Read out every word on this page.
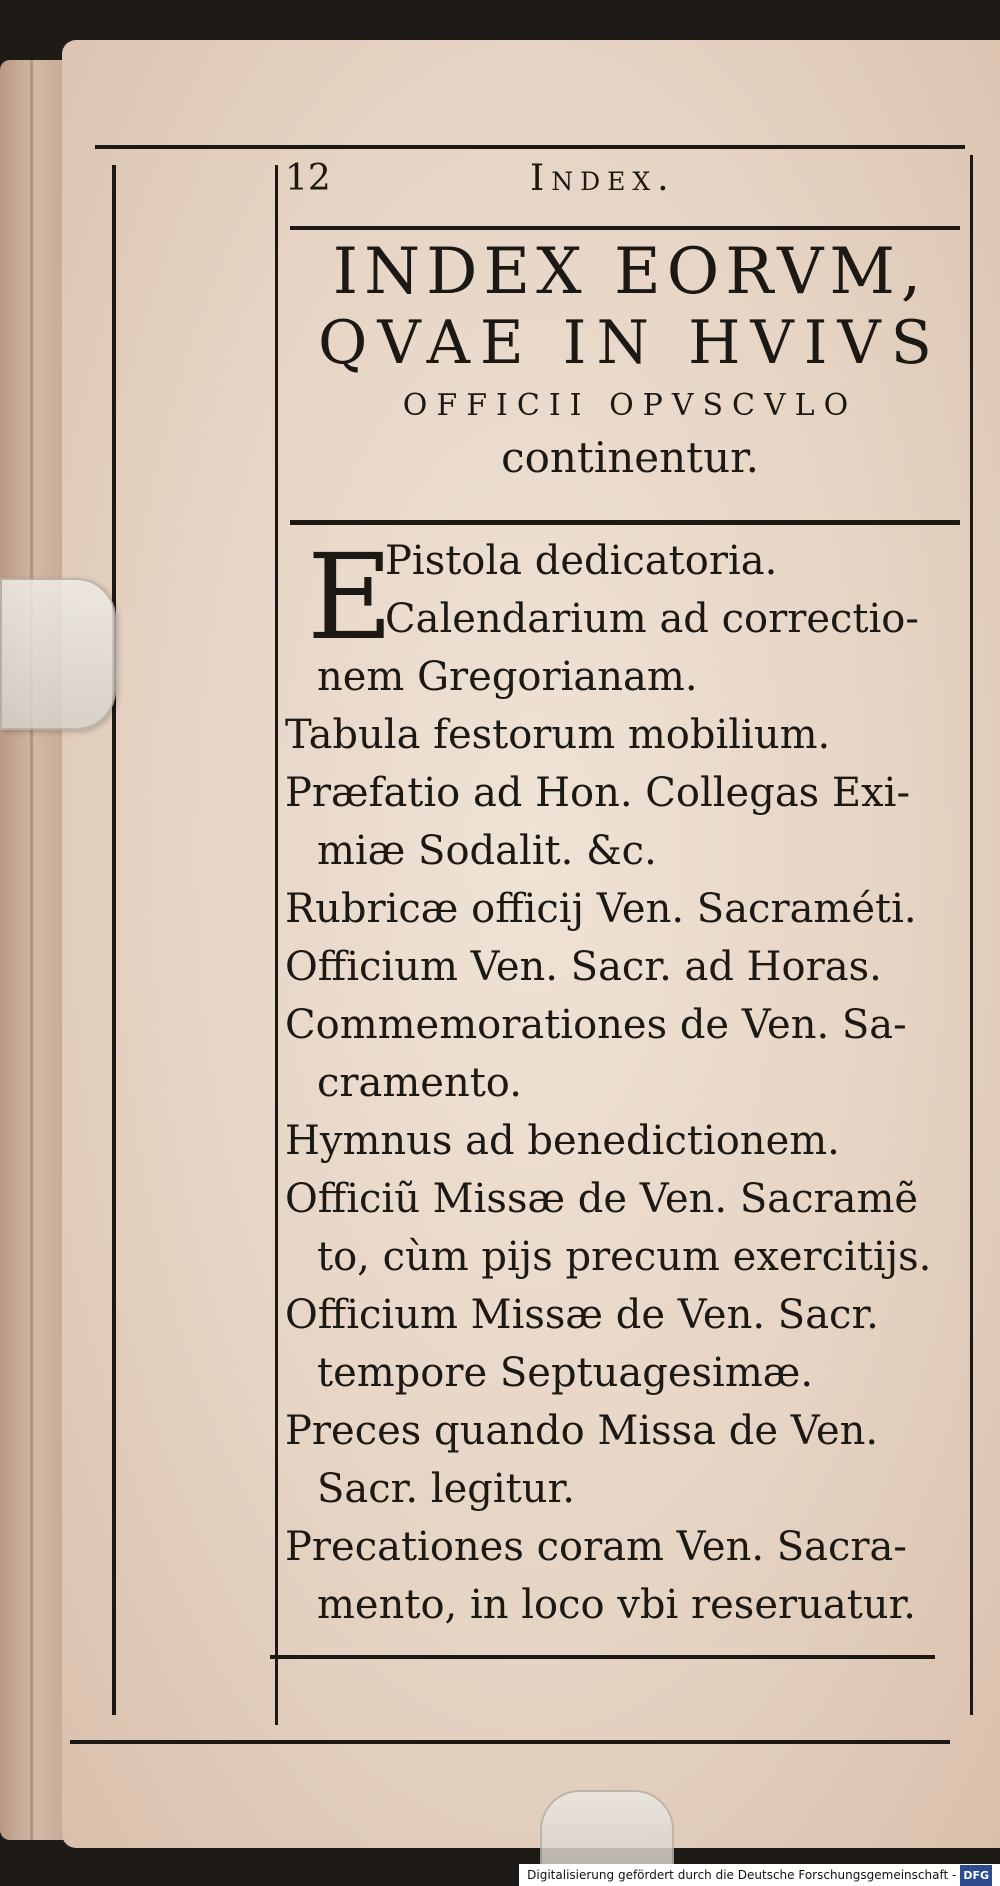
12	Index.
INDEX EORVM,
QVAE IN HVIVS
OFFICII OPVSCVLO
continentur.
E
Pistola dedicatoria.
Calendarium ad correctio-
nem Gregorianam.
Tabula festorum mobilium.
Præfatio ad Hon. Collegas Exi-
miæ Sodalit. &c.
Rubricæ officij Ven. Sacraméti.
Officium Ven. Sacr. ad Horas.
Commemorationes de Ven. Sa-
cramento.
Hymnus ad benedictionem.
Officiũ Missæ de Ven. Sacramẽ
to, cùm pijs precum exercitijs.
Officium Missæ de Ven. Sacr.
tempore Septuagesimæ.
Preces quando Missa de Ven.
Sacr. legitur.
Precationes coram Ven. Sacra-
mento, in loco vbi reseruatur.
Digitalisierung gefördert durch die Deutsche Forschungsgemeinschaft - DFG
